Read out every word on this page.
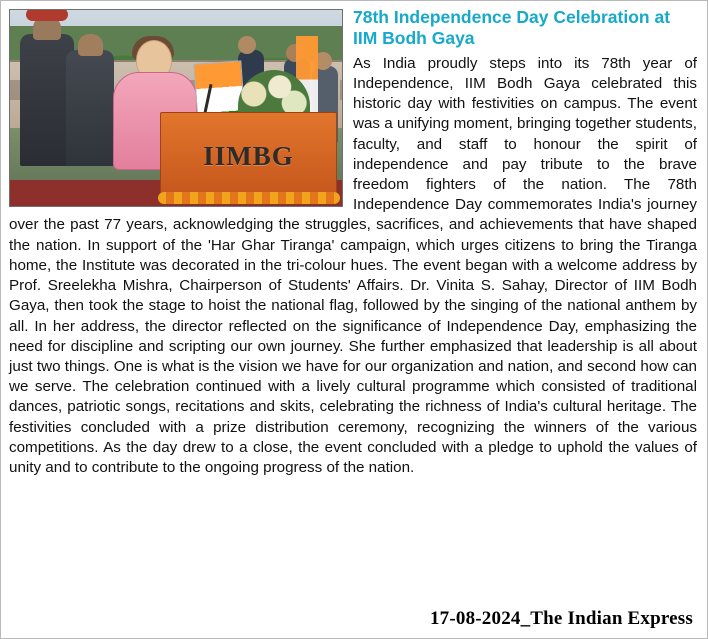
IIMBG
78th Independence Day Celebration at IIM Bodh Gaya

As India proudly steps into its 78th year of Independence, IIM Bodh Gaya celebrated this historic day with festivities on campus. The event was a unifying moment, bringing together students, faculty, and staff to honour the spirit of independence and pay tribute to the brave freedom fighters of the nation. The 78th Independence Day commemorates India's journey over the past 77 years, acknowledging the struggles, sacrifices, and achievements that have shaped the nation. In support of the 'Har Ghar Tiranga' campaign, which urges citizens to bring the Tiranga home, the Institute was decorated in the tri-colour hues. The event began with a welcome address by Prof. Sreelekha Mishra, Chairperson of Students' Affairs. Dr. Vinita S. Sahay, Director of IIM Bodh Gaya, then took the stage to hoist the national flag, followed by the singing of the national anthem by all. In her address, the director reflected on the significance of Independence Day, emphasizing the need for discipline and scripting our own journey. She further emphasized that leadership is all about just two things. One is what is the vision we have for our organization and nation, and second how can we serve. The celebration continued with a lively cultural programme which consisted of traditional dances, patriotic songs, recitations and skits, celebrating the richness of India's cultural heritage. The festivities concluded with a prize distribution ceremony, recognizing the winners of the various competitions. As the day drew to a close, the event concluded with a pledge to uphold the values of unity and to contribute to the ongoing progress of the nation.

17-08-2024_The Indian Express
